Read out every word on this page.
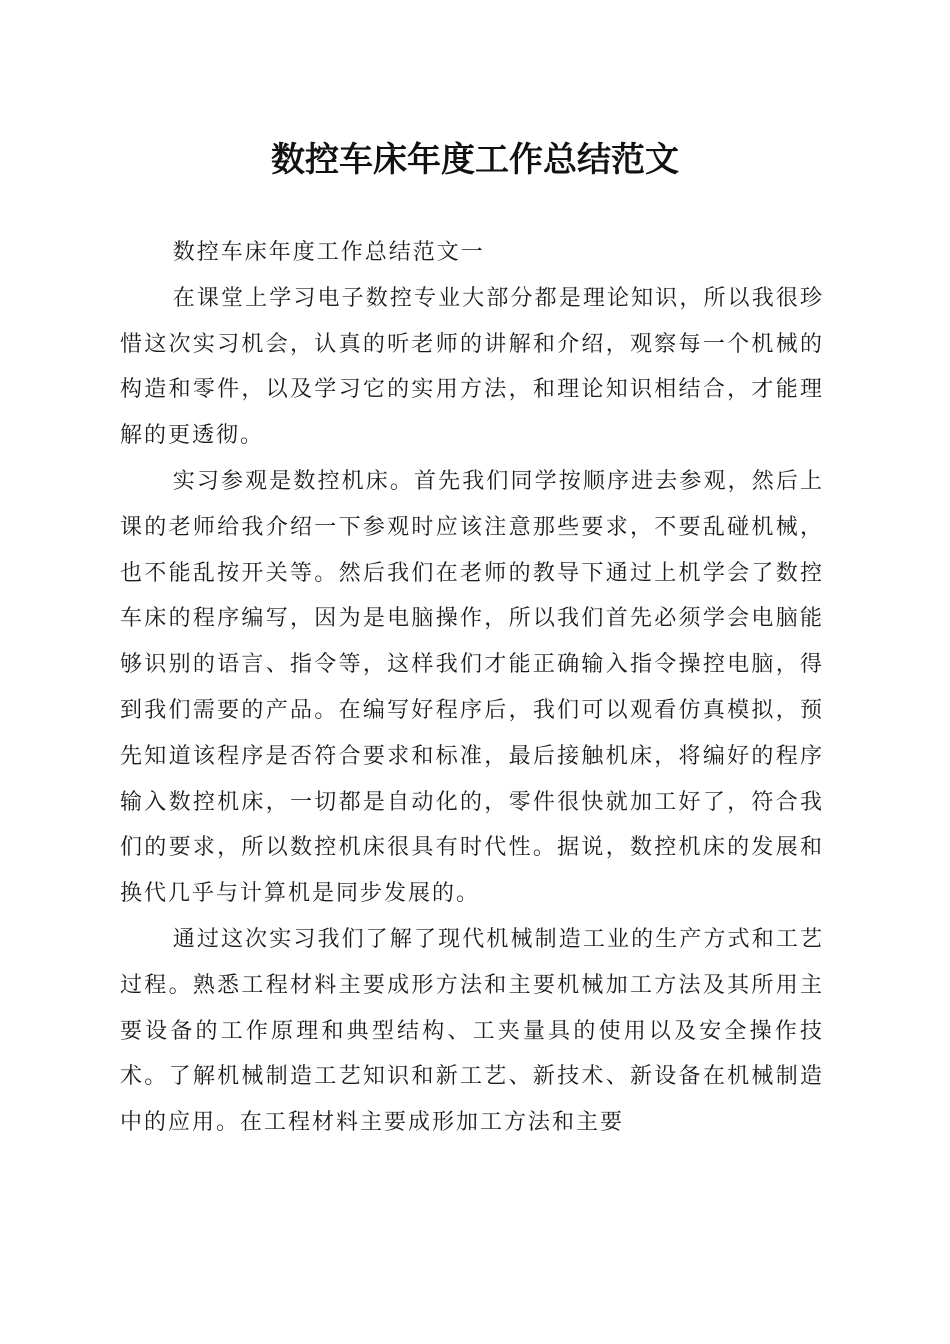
数控车床年度工作总结范文

数控车床年度工作总结范文一

在课堂上学习电子数控专业大部分都是理论知识，所以我很珍惜这次实习机会，认真的听老师的讲解和介绍，观察每一个机械的构造和零件，以及学习它的实用方法，和理论知识相结合，才能理解的更透彻。

实习参观是数控机床。首先我们同学按顺序进去参观，然后上课的老师给我介绍一下参观时应该注意那些要求，不要乱碰机械，也不能乱按开关等。然后我们在老师的教导下通过上机学会了数控车床的程序编写，因为是电脑操作，所以我们首先必须学会电脑能够识别的语言、指令等，这样我们才能正确输入指令操控电脑，得到我们需要的产品。在编写好程序后，我们可以观看仿真模拟，预先知道该程序是否符合要求和标准，最后接触机床，将编好的程序输入数控机床，一切都是自动化的，零件很快就加工好了，符合我们的要求，所以数控机床很具有时代性。据说，数控机床的发展和换代几乎与计算机是同步发展的。

通过这次实习我们了解了现代机械制造工业的生产方式和工艺过程。熟悉工程材料主要成形方法和主要机械加工方法及其所用主要设备的工作原理和典型结构、工夹量具的使用以及安全操作技术。了解机械制造工艺知识和新工艺、新技术、新设备在机械制造中的应用。在工程材料主要成形加工方法和主要
